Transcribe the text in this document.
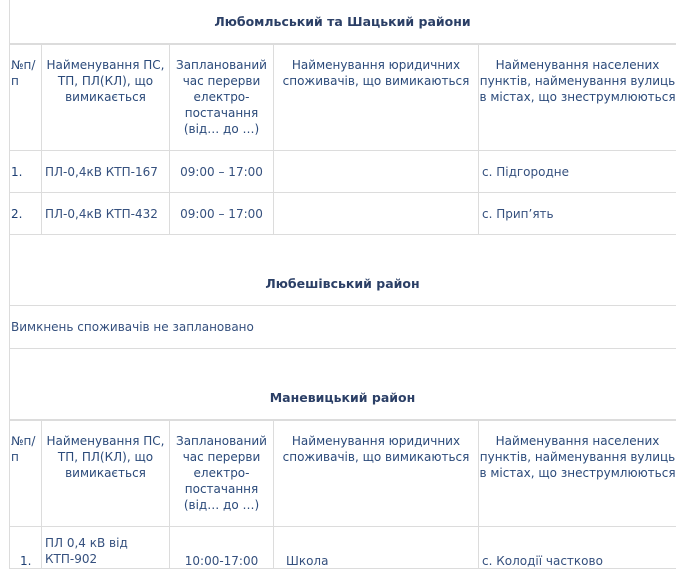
Любомльський та Шацький райони
№п/п	Найменування ПС, ТП, ПЛ(КЛ), що вимикається	Запланований час перерви електро-постачання (від… до …)	Найменування юридичних споживачів, що вимикаються	Найменування населених пунктів, найменування вулиць в містах, що знеструмлюються
1.	ПЛ-0,4кВ КТП-167	09:00 – 17:00		с. Підгородне
2.	ПЛ-0,4кВ КТП-432	09:00 – 17:00		с. Прип’ять
Любешівський район
Вимкнень споживачів не заплановано
Маневицький район
№п/п	Найменування ПС, ТП, ПЛ(КЛ), що вимикається	Запланований час перерви електро-постачання (від… до …)	Найменування юридичних споживачів, що вимикаються	Найменування населених пунктів, найменування вулиць в містах, що знеструмлюються
1.	ПЛ 0,4 кВ від КТП-902	10:00-17:00	Школа	с. Колодії частково
